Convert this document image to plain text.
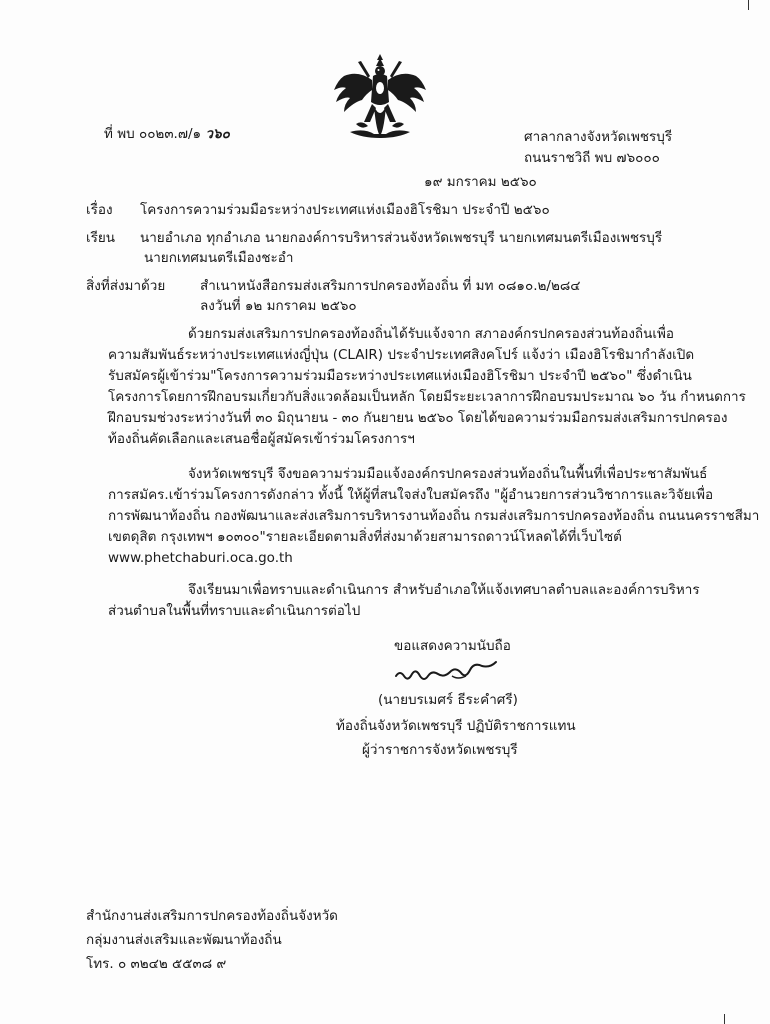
ที่ พบ ๐๐๒๓.๗/๑ ว๖๐	ศาลากลางจังหวัดเพชรบุรี
ถนนราชวิถี พบ ๗๖๐๐๐
๑๙ มกราคม ๒๕๖๐
เรื่อง โครงการความร่วมมือระหว่างประเทศแห่งเมืองฮิโรชิมา ประจำปี ๒๕๖๐
เรียน นายอำเภอ ทุกอำเภอ นายกองค์การบริหารส่วนจังหวัดเพชรบุรี นายกเทศมนตรีเมืองเพชรบุรี
นายกเทศมนตรีเมืองชะอำ
สิ่งที่ส่งมาด้วย	สำเนาหนังสือกรมส่งเสริมการปกครองท้องถิ่น ที่ มท ๐๘๑๐.๒/๒๘๔
ลงวันที่ ๑๒ มกราคม ๒๕๖๐
ด้วยกรมส่งเสริมการปกครองท้องถิ่นได้รับแจ้งจาก สภาองค์กรปกครองส่วนท้องถิ่นเพื่อ
ความสัมพันธ์ระหว่างประเทศแห่งญี่ปุ่น (CLAIR) ประจำประเทศสิงคโปร์ แจ้งว่า เมืองฮิโรชิมากำลังเปิด
รับสมัครผู้เข้าร่วม"โครงการความร่วมมือระหว่างประเทศแห่งเมืองฮิโรชิมา ประจำปี ๒๕๖๐" ซึ่งดำเนิน
โครงการโดยการฝึกอบรมเกี่ยวกับสิ่งแวดล้อมเป็นหลัก โดยมีระยะเวลาการฝึกอบรมประมาณ ๖๐ วัน กำหนดการ
ฝึกอบรมช่วงระหว่างวันที่ ๓๐ มิถุนายน - ๓๐ กันยายน ๒๕๖๐ โดยได้ขอความร่วมมือกรมส่งเสริมการปกครอง
ท้องถิ่นคัดเลือกและเสนอชื่อผู้สมัครเข้าร่วมโครงการฯ
จังหวัดเพชรบุรี จึงขอความร่วมมือแจ้งองค์กรปกครองส่วนท้องถิ่นในพื้นที่เพื่อประชาสัมพันธ์
การสมัคร.เข้าร่วมโครงการดังกล่าว ทั้งนี้ ให้ผู้ที่สนใจส่งใบสมัครถึง "ผู้อำนวยการส่วนวิชาการและวิจัยเพื่อ
การพัฒนาท้องถิ่น กองพัฒนาและส่งเสริมการบริหารงานท้องถิ่น กรมส่งเสริมการปกครองท้องถิ่น ถนนนครราชสีมา
เขตดุสิต กรุงเทพฯ ๑๐๓๐๐"รายละเอียดตามสิ่งที่ส่งมาด้วยสามารถดาวน์โหลดได้ที่เว็บไซต์
www.phetchaburi.oca.go.th
จึงเรียนมาเพื่อทราบและดำเนินการ สำหรับอำเภอให้แจ้งเทศบาลตำบลและองค์การบริหาร
ส่วนตำบลในพื้นที่ทราบและดำเนินการต่อไป
ขอแสดงความนับถือ
(นายบรเมศร์ ธีระคำศรี)
ท้องถิ่นจังหวัดเพชรบุรี ปฏิบัติราชการแทน
ผู้ว่าราชการจังหวัดเพชรบุรี
สำนักงานส่งเสริมการปกครองท้องถิ่นจังหวัด
กลุ่มงานส่งเสริมและพัฒนาท้องถิ่น
โทร. ๐ ๓๒๔๒ ๕๕๓๘ ๙
